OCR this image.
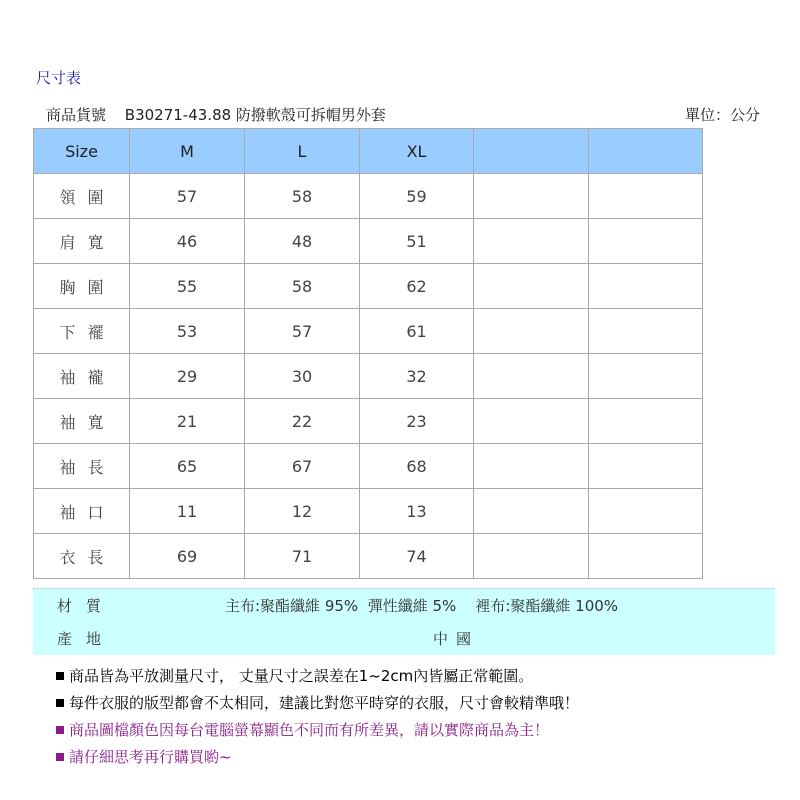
尺寸表
商品貨號 B30271-43.88 防撥軟殼可拆帽男外套	單位：公分
Size	M	L	XL		
領圍	57	58	59		
肩寬	46	48	51		
胸圍	55	58	62		
下襬	53	57	61		
袖襱	29	30	32		
袖寬	21	22	23		
袖長	65	67	68		
袖口	11	12	13		
衣長	69	71	74		
材質	主布:聚酯纖維 95%  彈性纖維 5%    裡布:聚酯纖維 100%
產地	中國
商品皆為平放測量尺寸， 丈量尺寸之誤差在1~2cm內皆屬正常範圍。
每件衣服的版型都會不太相同，建議比對您平時穿的衣服，尺寸會較精準哦！
商品圖檔顏色因每台電腦螢幕顯色不同而有所差異，請以實際商品為主！
請仔細思考再行購買喲~
